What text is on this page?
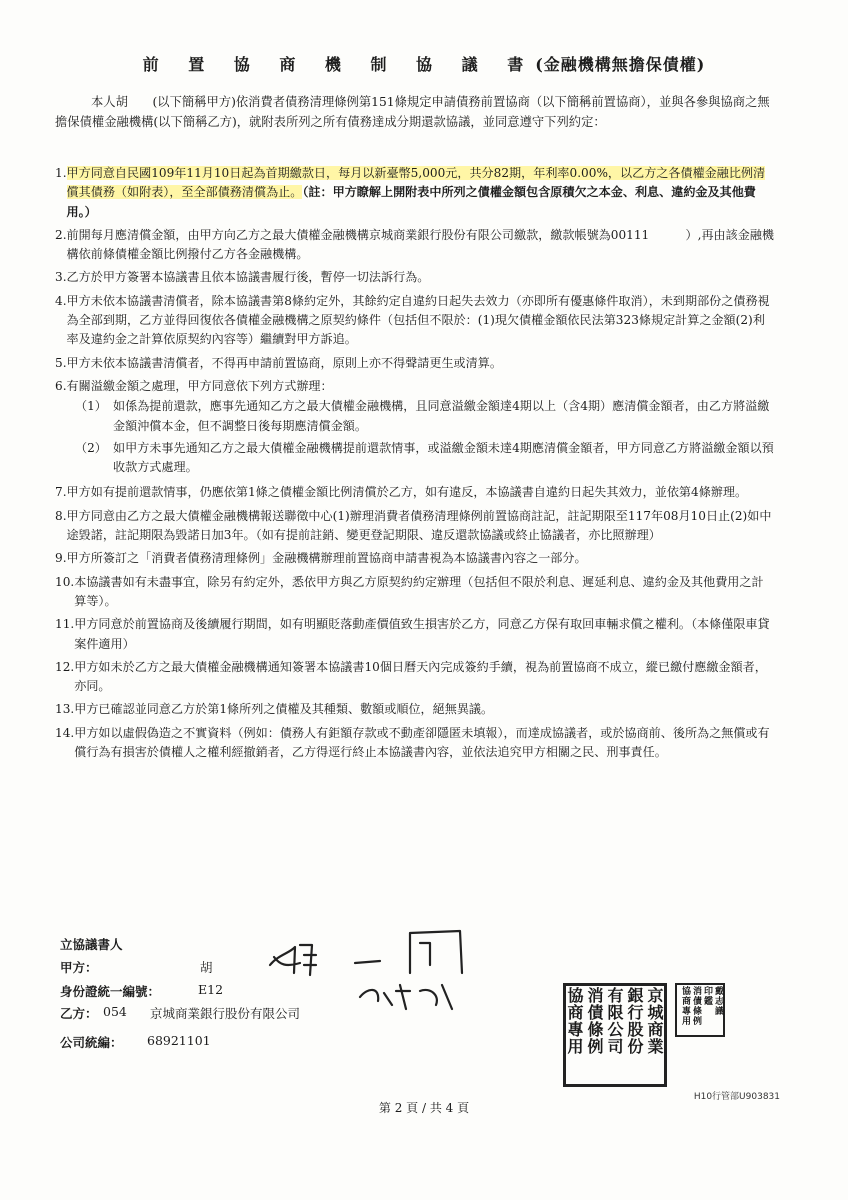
前 置 協 商 機 制 協 議 書(金融機構無擔保債權)
本人胡　　(以下簡稱甲方)依消費者債務清理條例第151條規定申請債務前置協商（以下簡稱前置協商），並與各參與協商之無擔保債權金融機構(以下簡稱乙方)，就附表所列之所有債務達成分期還款協議，並同意遵守下列約定：
1. 甲方同意自民國109年11月10日起為首期繳款日，每月以新臺幣5,000元，共分82期，年利率0.00%，以乙方之各債權金融比例清償其債務（如附表），至全部債務清償為止。（註：甲方瞭解上開附表中所列之債權金額包含原積欠之本金、利息、違約金及其他費用。）
2. 前開每月應清償金額，由甲方向乙方之最大債權金融機構京城商業銀行股份有限公司繳款，繳款帳號為00111　　　）,再由該金融機構依前條債權金額比例撥付乙方各金融機構。
3. 乙方於甲方簽署本協議書且依本協議書履行後，暫停一切法訴行為。
4. 甲方未依本協議書清償者，除本協議書第8條約定外，其餘約定自違約日起失去效力（亦即所有優惠條件取消），未到期部份之債務視為全部到期，乙方並得回復依各債權金融機構之原契約條件（包括但不限於：(1)現欠債權金額依民法第323條規定計算之金額(2)利率及違約金之計算依原契約內容等）繼續對甲方訴追。
5. 甲方未依本協議書清償者，不得再申請前置協商，原則上亦不得聲請更生或清算。
6. 有關溢繳金額之處理，甲方同意依下列方式辦理：
（1） 如係為提前還款，應事先通知乙方之最大債權金融機構，且同意溢繳金額達4期以上（含4期）應清償金額者，由乙方將溢繳金額沖償本金，但不調整日後每期應清償金額。
（2） 如甲方未事先通知乙方之最大債權金融機構提前還款情事，或溢繳金額未達4期應清償金額者，甲方同意乙方將溢繳金額以預收款方式處理。
7. 甲方如有提前還款情事，仍應依第1條之債權金額比例清償於乙方，如有違反，本協議書自違約日起失其效力，並依第4條辦理。
8. 甲方同意由乙方之最大債權金融機構報送聯徵中心(1)辦理消費者債務清理條例前置協商註記，註記期限至117年08月10日止(2)如中途毀諾，註記期限為毀諾日加3年。（如有提前註銷、變更登記期限、違反還款協議或終止協議者，亦比照辦理）
9. 甲方所簽訂之「消費者債務清理條例」金融機構辦理前置協商申請書視為本協議書內容之一部分。
10. 本協議書如有未盡事宜，除另有約定外，悉依甲方與乙方原契約約定辦理（包括但不限於利息、遲延利息、違約金及其他費用之計算等）。
11. 甲方同意於前置協商及後續履行期間，如有明顯貶落動產價值致生損害於乙方，同意乙方保有取回車輛求償之權利。（本條僅限車貸案件適用）
12. 甲方如未於乙方之最大債權金融機構通知簽署本協議書10個日曆天內完成簽約手續，視為前置協商不成立，縱已繳付應繳金額者，亦同。
13. 甲方已確認並同意乙方於第1條所列之債權及其種類、數額或順位，絕無異議。
14. 甲方如以虛假偽造之不實資料（例如：債務人有鉅額存款或不動產卻隱匿未填報），而達成協議者，或於協商前、後所為之無償或有償行為有損害於債權人之權利經撤銷者，乙方得逕行終止本協議書內容，並依法追究甲方相關之民、刑事責任。
立協議書人
甲方：	胡
身份證統一編號：	E12
乙方： 054 京城商業銀行股份有限公司
公司統編： 68921101	京城商業
銀行股份
有限公司
消債條例
協商專用	戴志識
印鑑
消債條例
協商專用
H10行管部U903831
第 2 頁 / 共 4 頁
